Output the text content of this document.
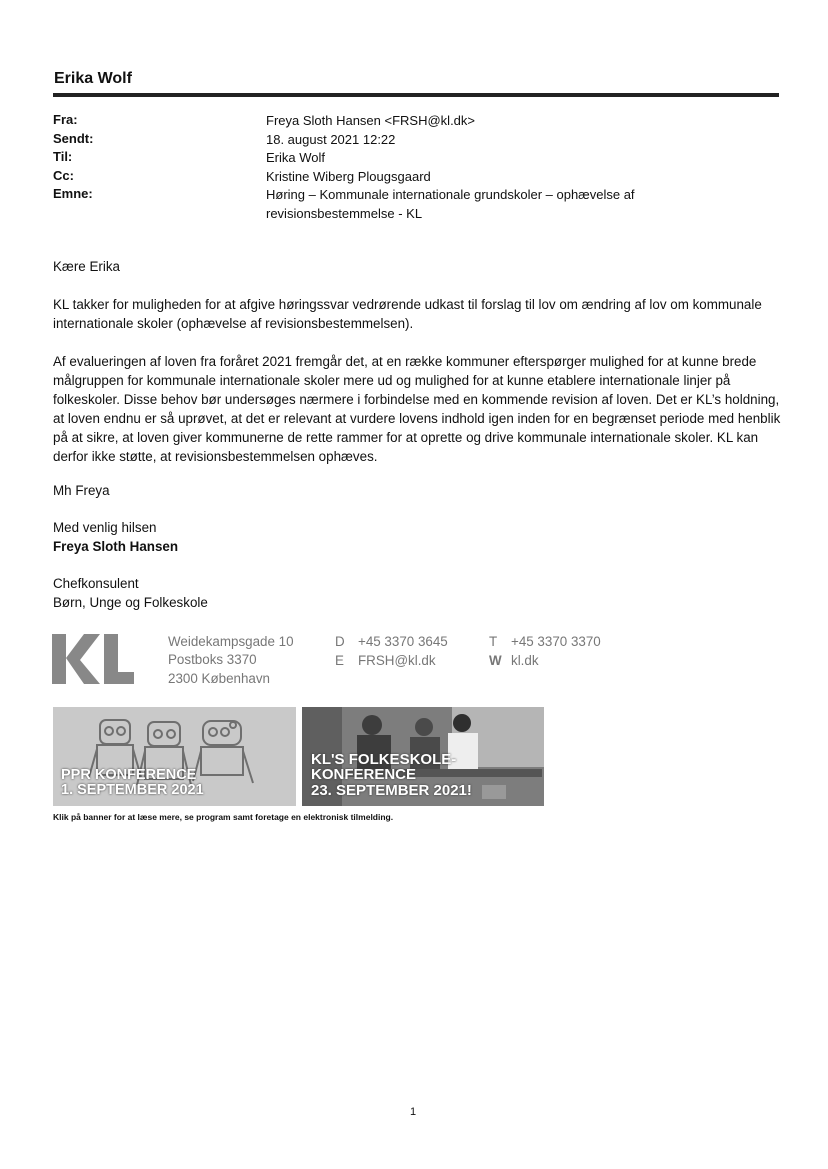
Erika Wolf
Fra:	Freya Sloth Hansen <FRSH@kl.dk>
Sendt:	18. august 2021 12:22
Til:	Erika Wolf
Cc:	Kristine Wiberg Plougsgaard
Emne:	Høring – Kommunale internationale grundskoler – ophævelse af
revisionsbestemmelse - KL
Kære Erika

KL takker for muligheden for at afgive høringssvar vedrørende udkast til forslag til lov om ændring af lov om kommunale internationale skoler (ophævelse af revisionsbestemmelsen).

Af evalueringen af loven fra foråret 2021 fremgår det, at en række kommuner efterspørger mulighed for at kunne brede målgruppen for kommunale internationale skoler mere ud og mulighed for at kunne etablere internationale linjer på folkeskoler. Disse behov bør undersøges nærmere i forbindelse med en kommende revision af loven. Det er KL’s holdning, at loven endnu er så uprøvet, at det er relevant at vurdere lovens indhold igen inden for en begrænset periode med henblik på at sikre, at loven giver kommunerne de rette rammer for at oprette og drive kommunale internationale skoler. KL kan derfor ikke støtte, at revisionsbestemmelsen ophæves.

Mh Freya
Med venlig hilsen
Freya Sloth Hansen
Chefkonsulent
Børn, Unge og Folkeskole
Weidekampsgade 10
Postboks 3370
2300 København
D +45 3370 3645
E FRSH@kl.dk
T +45 3370 3370
W kl.dk
PPR KONFERENCE
1. SEPTEMBER 2021
KL'S FOLKESKOLE-
KONFERENCE
23. SEPTEMBER 2021!
Klik på banner for at læse mere, se program samt foretage en elektronisk tilmelding.
1
